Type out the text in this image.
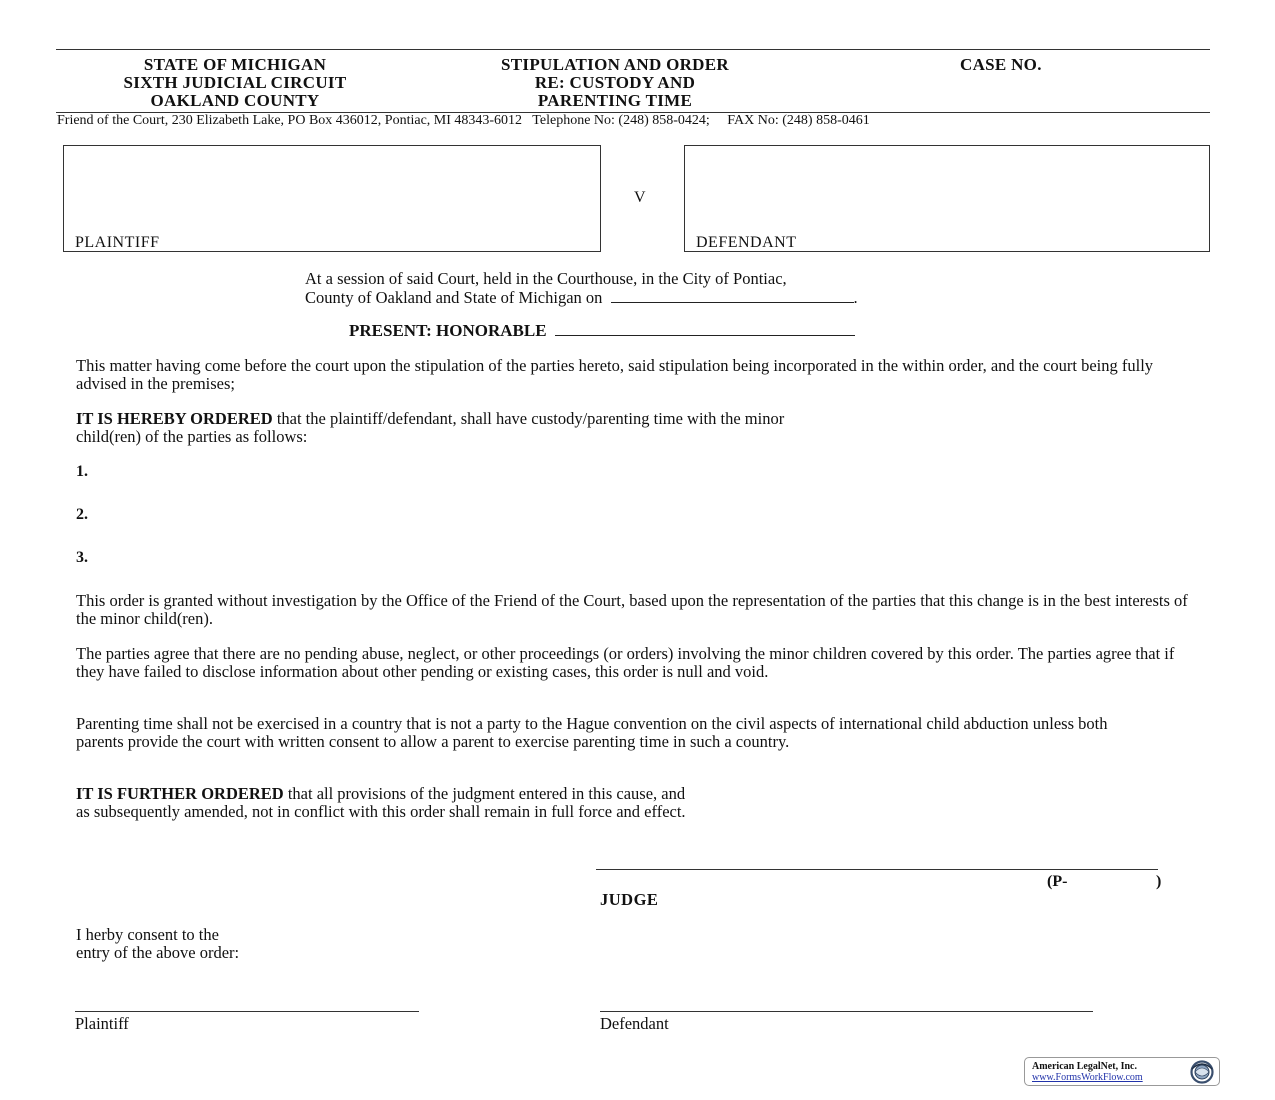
STATE OF MICHIGAN
SIXTH JUDICIAL CIRCUIT
OAKLAND COUNTY
STIPULATION AND ORDER
RE: CUSTODY AND
PARENTING TIME
CASE NO.
Friend of the Court, 230 Elizabeth Lake, PO Box 436012, Pontiac, MI 48343-6012   Telephone No: (248) 858-0424;     FAX No: (248) 858-0461
PLAINTIFF
V
DEFENDANT
At a session of said Court, held in the Courthouse, in the City of Pontiac,
County of Oakland and State of Michigan on	.
PRESENT: HONORABLE
This matter having come before the court upon the stipulation of the parties hereto, said stipulation being incorporated in the within order, and the court being fully advised in the premises;
IT IS HEREBY ORDERED that the plaintiff/defendant, shall have custody/parenting time with the minor
child(ren) of the parties as follows:
1.
2.
3.
This order is granted without investigation by the Office of the Friend of the Court, based upon the representation of the parties that this change is in the best interests of the minor child(ren).
The parties agree that there are no pending abuse, neglect, or other proceedings (or orders) involving the minor children covered by this order. The parties agree that if they have failed to disclose information about other pending or existing cases, this order is null and void.
Parenting time shall not be exercised in a country that is not a party to the Hague convention on the civil aspects of international child abduction unless both parents provide the court with written consent to allow a parent to exercise parenting time in such a country.
IT IS FURTHER ORDERED that all provisions of the judgment entered in this cause, and
as subsequently amended, not in conflict with this order shall remain in full force and effect.
(P-	)
JUDGE
I herby consent to the
entry of the above order:
Plaintiff	Defendant
American LegalNet, Inc.
www.FormsWorkFlow.com
